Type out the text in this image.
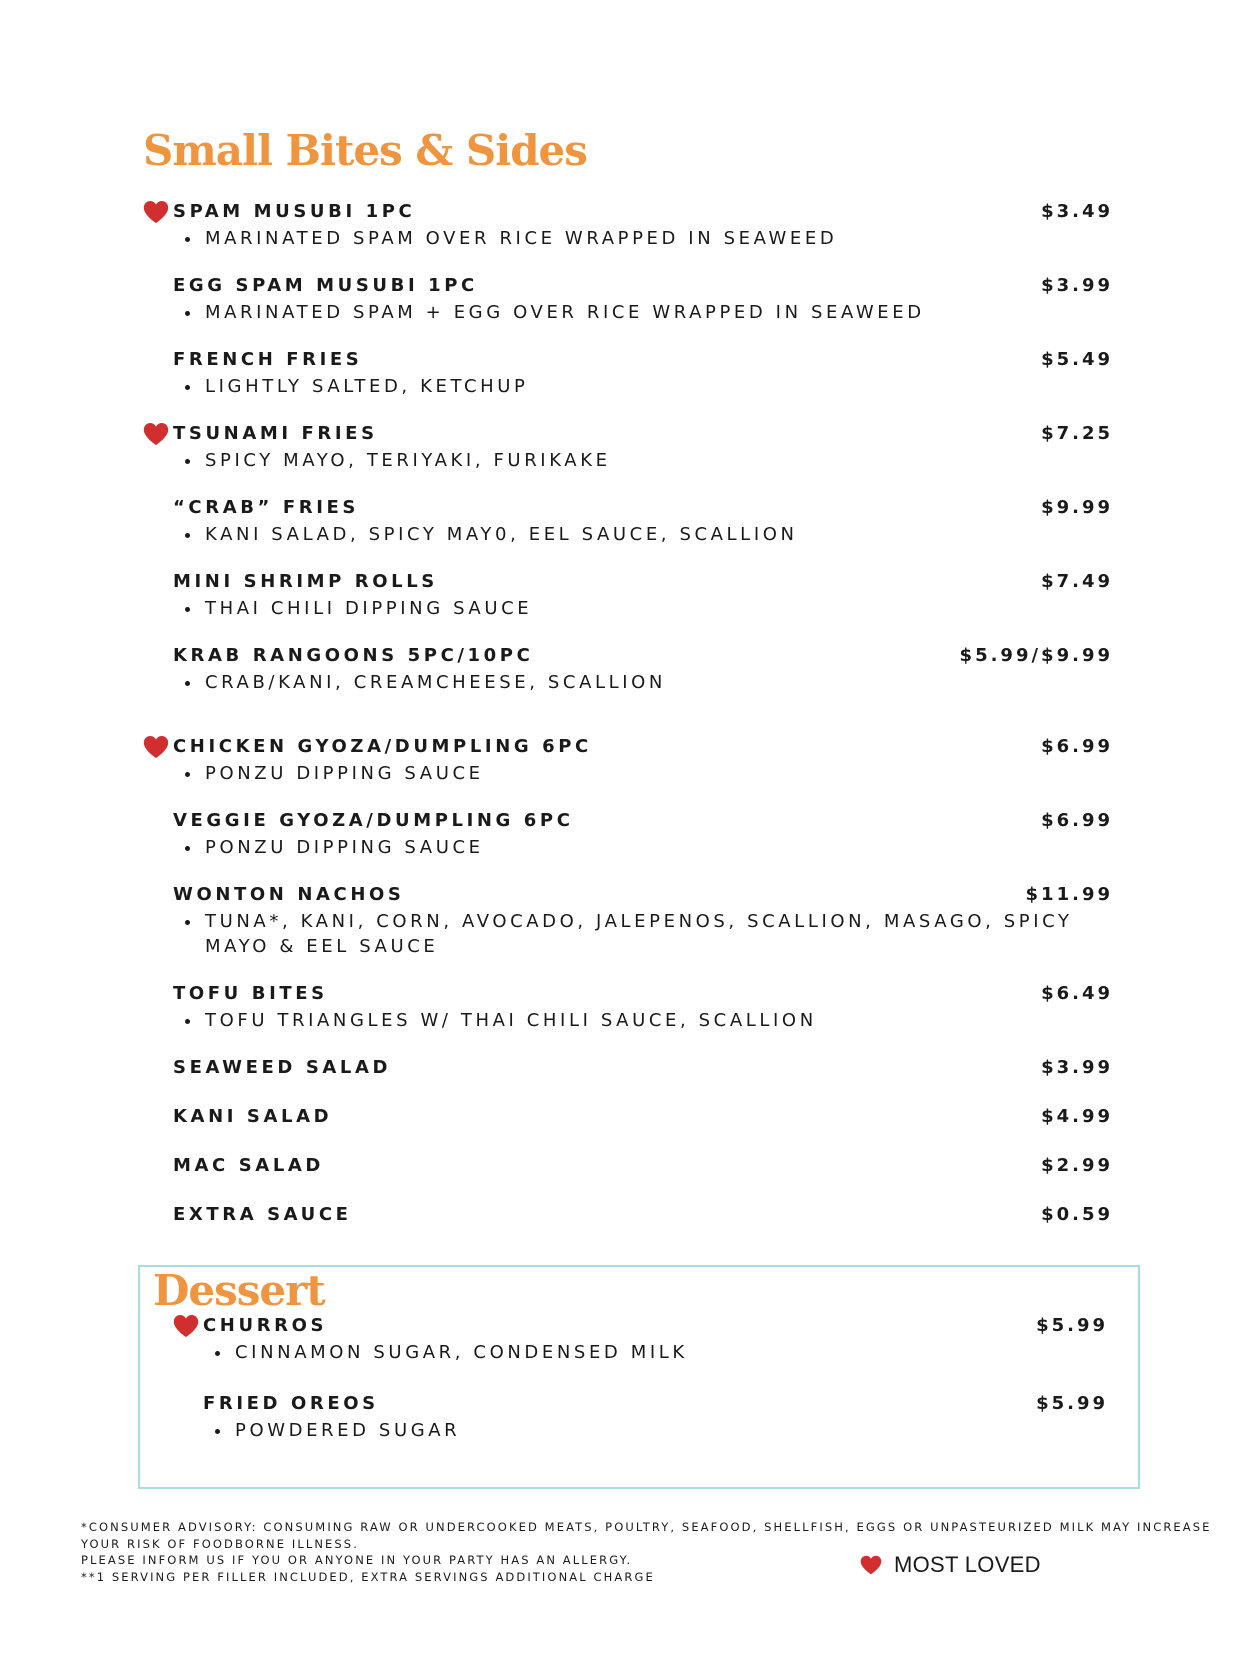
Small Bites & Sides
Dessert
SPAM MUSUBI 1PC	$3.49
MARINATED SPAM OVER RICE WRAPPED IN SEAWEED
EGG SPAM MUSUBI 1PC	$3.99
MARINATED SPAM + EGG OVER RICE WRAPPED IN SEAWEED
FRENCH FRIES	$5.49
LIGHTLY SALTED, KETCHUP
TSUNAMI FRIES	$7.25
SPICY MAYO, TERIYAKI, FURIKAKE
“CRAB” FRIES	$9.99
KANI SALAD, SPICY MAY0, EEL SAUCE, SCALLION
MINI SHRIMP ROLLS	$7.49
THAI CHILI DIPPING SAUCE
KRAB RANGOONS 5PC/10PC	$5.99/$9.99
CRAB/KANI, CREAMCHEESE, SCALLION
CHICKEN GYOZA/DUMPLING 6PC	$6.99
PONZU DIPPING SAUCE
VEGGIE GYOZA/DUMPLING 6PC	$6.99
PONZU DIPPING SAUCE
WONTON NACHOS	$11.99
TUNA*, KANI, CORN, AVOCADO, JALEPENOS, SCALLION, MASAGO, SPICY MAYO & EEL SAUCE
TOFU BITES	$6.49
TOFU TRIANGLES W/ THAI CHILI SAUCE, SCALLION
SEAWEED SALAD	$3.99
KANI SALAD	$4.99
MAC SALAD	$2.99
EXTRA SAUCE	$0.59
CHURROS	$5.99
CINNAMON SUGAR, CONDENSED MILK
FRIED OREOS	$5.99
POWDERED SUGAR

*CONSUMER ADVISORY: CONSUMING RAW OR UNDERCOOKED MEATS, POULTRY, SEAFOOD, SHELLFISH, EGGS OR UNPASTEURIZED MILK MAY INCREASE YOUR RISK OF FOODBORNE ILLNESS.

PLEASE INFORM US IF YOU OR ANYONE IN YOUR PARTY HAS AN ALLERGY.

**1 SERVING PER FILLER INCLUDED, EXTRA SERVINGS ADDITIONAL CHARGE	MOST LOVED
